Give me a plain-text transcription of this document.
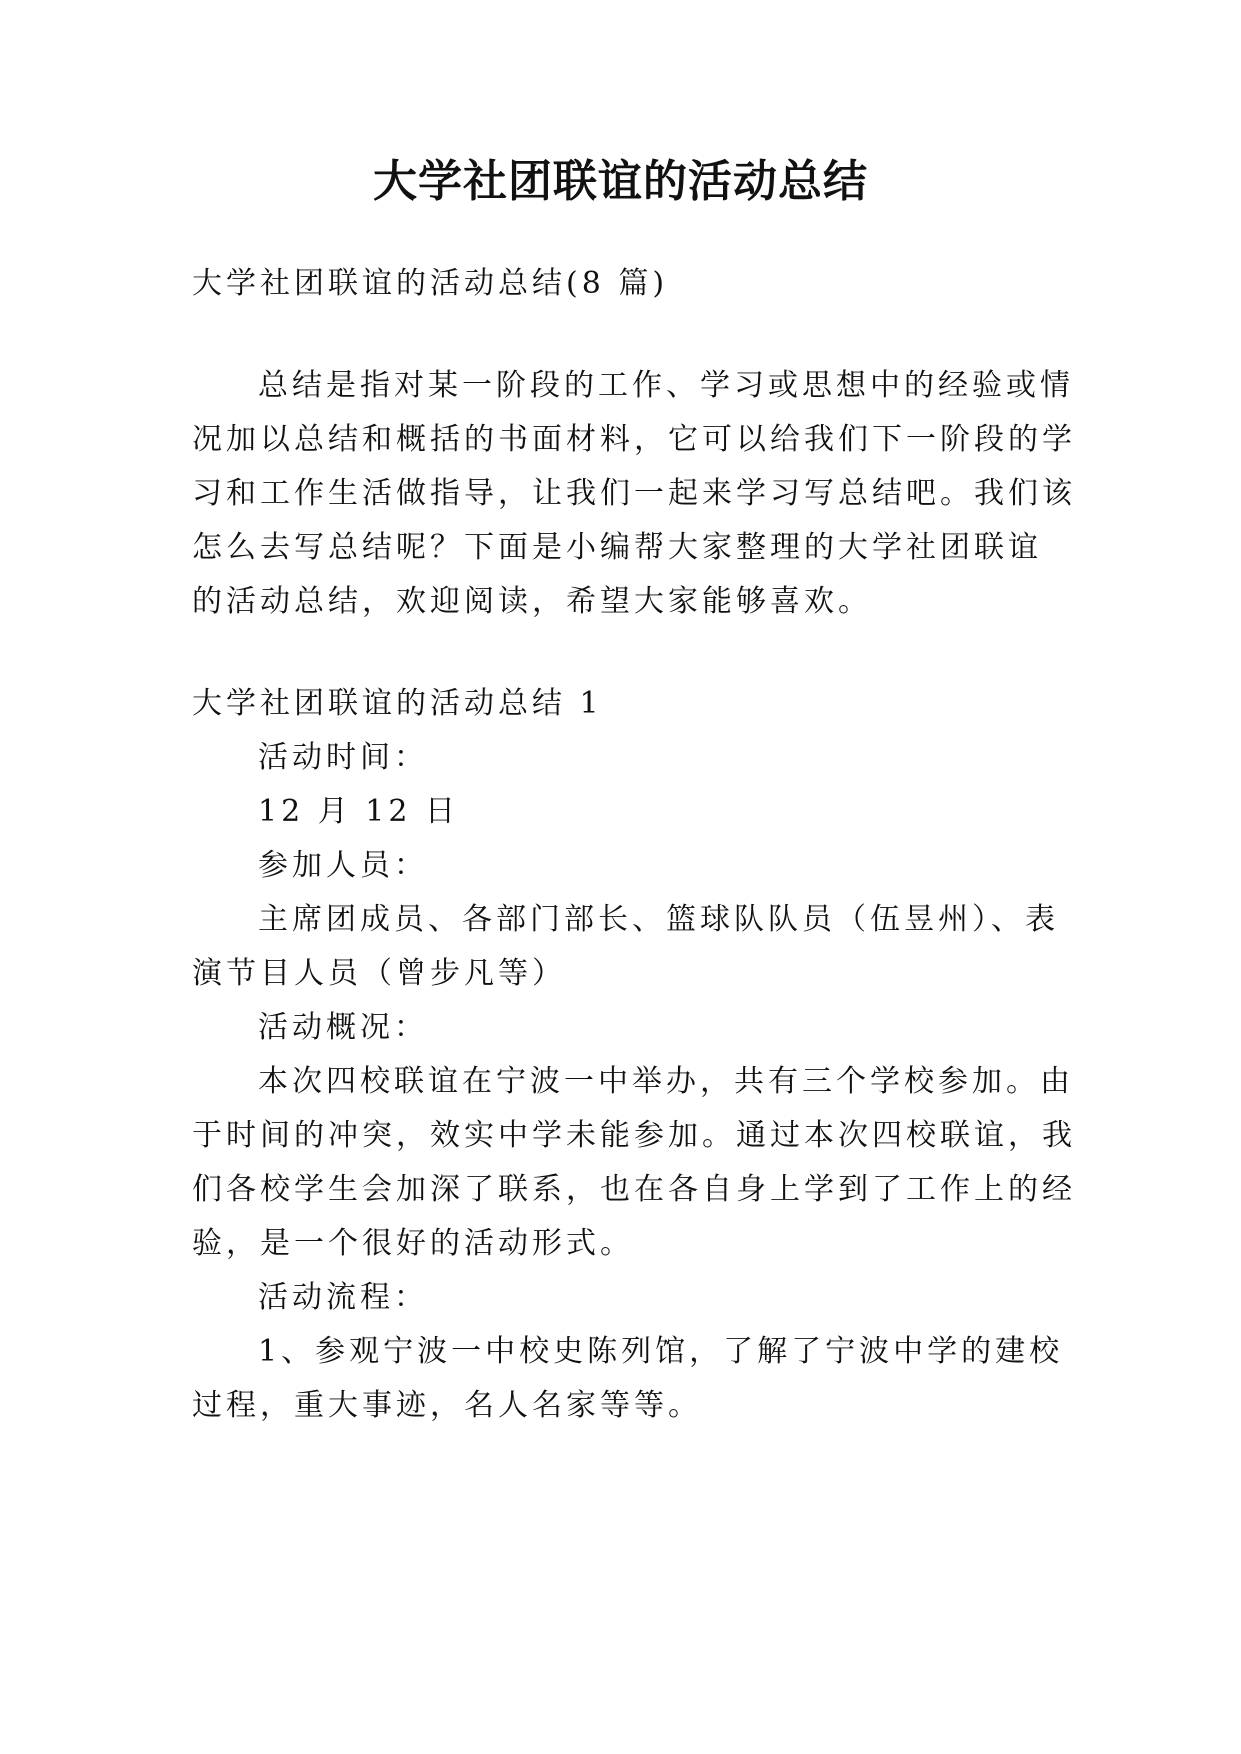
大学社团联谊的活动总结
大学社团联谊的活动总结(8 篇)
总结是指对某一阶段的工作、学习或思想中的经验或情
况加以总结和概括的书面材料，它可以给我们下一阶段的学
习和工作生活做指导，让我们一起来学习写总结吧。我们该
怎么去写总结呢？下面是小编帮大家整理的大学社团联谊
的活动总结，欢迎阅读，希望大家能够喜欢。
大学社团联谊的活动总结 1
活动时间：
12 月 12 日
参加人员：
主席团成员、各部门部长、篮球队队员（伍昱州）、表
演节目人员（曾步凡等）
活动概况：
本次四校联谊在宁波一中举办，共有三个学校参加。由
于时间的冲突，效实中学未能参加。通过本次四校联谊，我
们各校学生会加深了联系，也在各自身上学到了工作上的经
验，是一个很好的活动形式。
活动流程：
1、参观宁波一中校史陈列馆，了解了宁波中学的建校
过程，重大事迹，名人名家等等。
